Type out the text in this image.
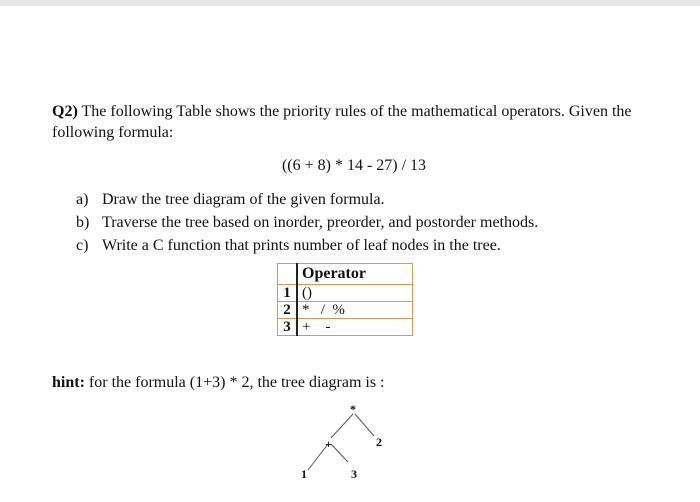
Q2) The following Table shows the priority rules of the mathematical operators. Given the following formula:
((6 + 8) * 14 - 27) / 13
a) Draw the tree diagram of the given formula.
b) Traverse the tree based on inorder, preorder, and postorder methods.
c) Write a C function that prints number of leaf nodes in the tree.
	Operator
1	()
2	*   /  %
3	+    -
hint: for the formula (1+3) * 2, the tree diagram is :
*
+	2
1	3
